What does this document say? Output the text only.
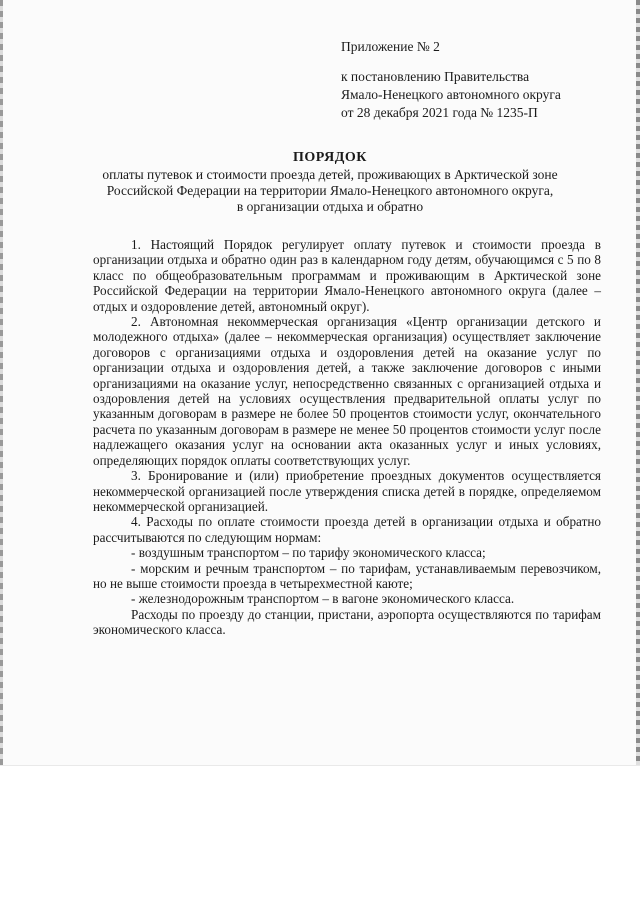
Приложение № 2
к постановлению Правительства
Ямало-Ненецкого автономного округа
от 28 декабря 2021 года № 1235-П
ПОРЯДОК
оплаты путевок и стоимости проезда детей, проживающих в Арктической зоне
Российской Федерации на территории Ямало-Ненецкого автономного округа,
в организации отдыха и обратно

1. Настоящий Порядок регулирует оплату путевок и стоимости проезда в организации отдыха и обратно один раз в календарном году детям, обучающимся с 5 по 8 класс по общеобразовательным программам и проживающим в Арктической зоне Российской Федерации на территории Ямало-Ненецкого автономного округа (далее – отдых и оздоровление детей, автономный округ).

2. Автономная некоммерческая организация «Центр организации детского и молодежного отдыха» (далее – некоммерческая организация) осуществляет заключение договоров с организациями отдыха и оздоровления детей на оказание услуг по организации отдыха и оздоровления детей, а также заключение договоров с иными организациями на оказание услуг, непосредственно связанных с организацией отдыха и оздоровления детей на условиях осуществления предварительной оплаты услуг по указанным договорам в размере не более 50 процентов стоимости услуг, окончательного расчета по указанным договорам в размере не менее 50 процентов стоимости услуг после надлежащего оказания услуг на основании акта оказанных услуг и иных условиях, определяющих порядок оплаты соответствующих услуг.

3. Бронирование и (или) приобретение проездных документов осуществляется некоммерческой организацией после утверждения списка детей в порядке, определяемом некоммерческой организацией.

4. Расходы по оплате стоимости проезда детей в организации отдыха и обратно рассчитываются по следующим нормам:

- воздушным транспортом – по тарифу экономического класса;

- морским и речным транспортом – по тарифам, устанавливаемым перевозчиком, но не выше стоимости проезда в четырехместной каюте;

- железнодорожным транспортом – в вагоне экономического класса.

Расходы по проезду до станции, пристани, аэропорта осуществляются по тарифам экономического класса.
